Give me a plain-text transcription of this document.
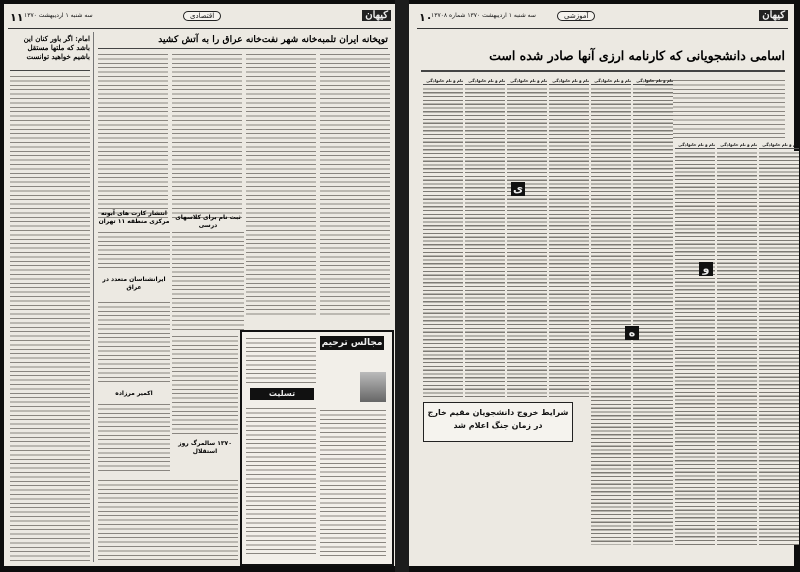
کیهان
اقتصادی
سه شنبه ۱ اردیبهشت ۱۳۷۰
۱۱
امام: اگر باور کنان این باشد که ملتها مستقل باشیم خواهید توانست
توپخانه ایران تلمبه‌خانه شهر نفت‌خانه عراق را به آتش کشید
انتشار کارت های آبونه مرکزی منطقه ۱۱ تهران
ثبت نام برای کلاسهای درسی
ایرانشناسان متعدد در عراق
اکمیر مرزاده
۱۳۷۰ سالمرگ روز استقلال
مجالس ترحیم
تسلیت
کیهان
آموزشی
سه شنبه ۱ اردیبهشت ۱۳۷۰ شماره ۱۳۷۰۸
۱۰
اسامی دانشجویانی که کارنامه ارزی آنها صادر شده است
نام و نام خانوادگی	نام و نام خانوادگی	نام و نام خانوادگی	نام و نام خانوادگی	نام و نام خانوادگی	نام و نام خانوادگی
نام و نام خانوادگی	نام و نام خانوادگی	نام و نام خانوادگی
ی
و
ه
شرایط خروج دانشجویان مقیم خارج
در زمان جنگ اعلام شد
